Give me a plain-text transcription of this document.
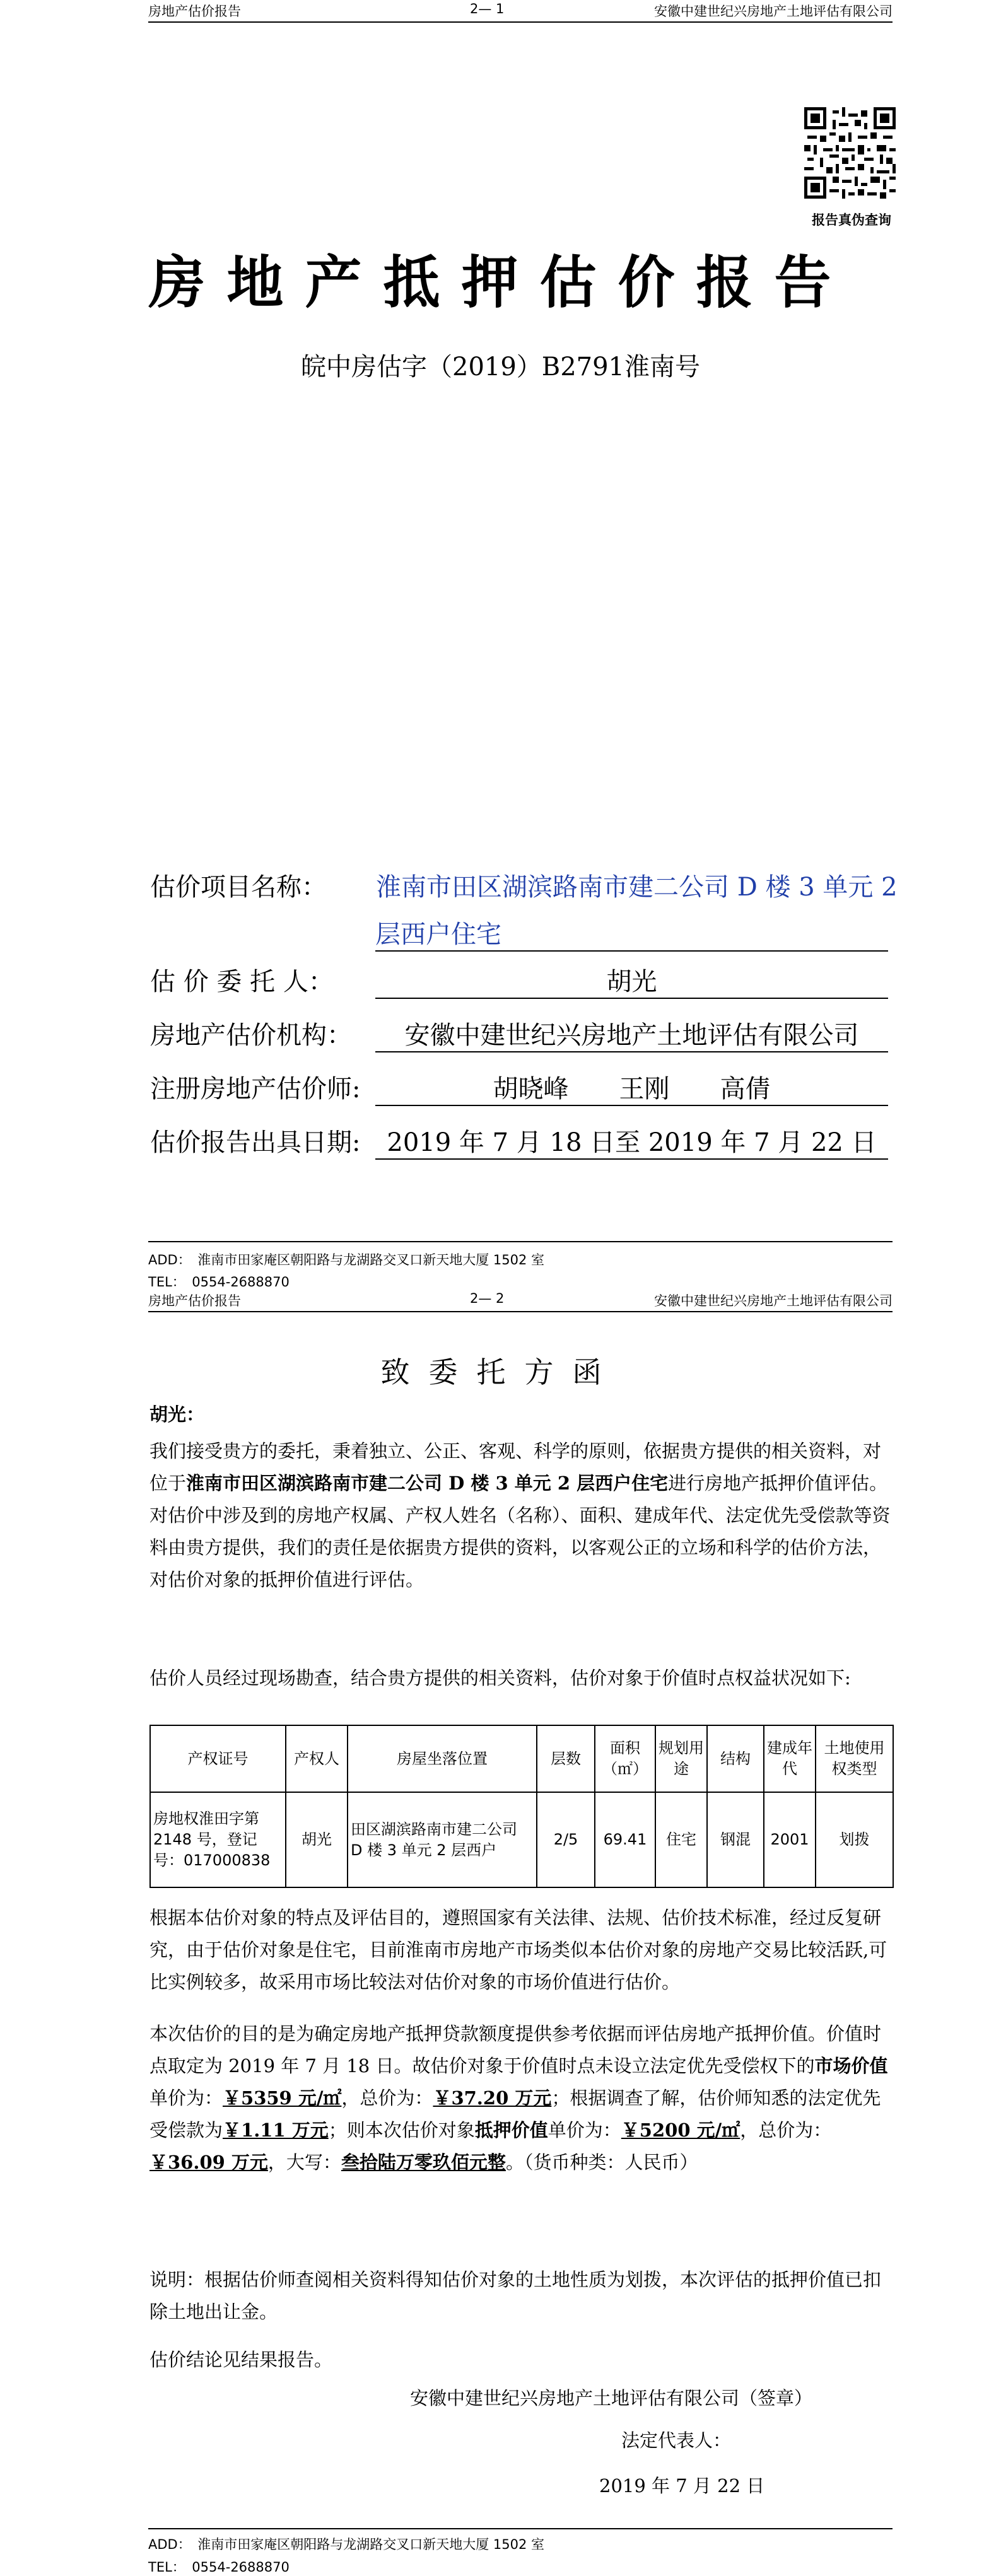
房地产估价报告	2— 1	安徽中建世纪兴房地产土地评估有限公司
报告真伪查询
房地产抵押估价报告
皖中房估字（2019）B2791淮南号
估价项目名称： 淮南市田区湖滨路南市建二公司 D 楼 3 单元 2
层西户住宅
估 价 委 托 人：	胡光
房地产估价机构：	安徽中建世纪兴房地产土地评估有限公司
注册房地产估价师:	胡晓峰　　王刚　　高倩
估价报告出具日期:	2019 年 7 月 18 日至 2019 年 7 月 22 日
ADD：　淮南市田家庵区朝阳路与龙湖路交叉口新天地大厦 1502 室
TEL：　0554-2688870
房地产估价报告	2— 2	安徽中建世纪兴房地产土地评估有限公司
致委托方函
胡光：
我们接受贵方的委托，秉着独立、公正、客观、科学的原则，依据贵方提供的相关资料，对位于淮南市田区湖滨路南市建二公司 D 楼 3 单元 2 层西户住宅进行房地产抵押价值评估。对估价中涉及到的房地产权属、产权人姓名（名称）、面积、建成年代、法定优先受偿款等资料由贵方提供，我们的责任是依据贵方提供的资料，以客观公正的立场和科学的估价方法，对估价对象的抵押价值进行评估。
估价人员经过现场勘查，结合贵方提供的相关资料，估价对象于价值时点权益状况如下:
产权证号	产权人	房屋坐落位置	层数	面积（㎡）	规划用途	结构	建成年代	土地使用权类型
房地权淮田字第 2148 号，登记号：017000838	胡光	田区湖滨路南市建二公司 D 楼 3 单元 2 层西户	2/5	69.41	住宅	钢混	2001	划拨
根据本估价对象的特点及评估目的，遵照国家有关法律、法规、估价技术标准，经过反复研究，由于估价对象是住宅，目前淮南市房地产市场类似本估价对象的房地产交易比较活跃,可比实例较多，故采用市场比较法对估价对象的市场价值进行估价。
本次估价的目的是为确定房地产抵押贷款额度提供参考依据而评估房地产抵押价值。价值时点取定为 2019 年 7 月 18 日。故估价对象于价值时点未设立法定优先受偿权下的市场价值单价为：￥5359 元/㎡，总价为：￥37.20 万元；根据调查了解，估价师知悉的法定优先受偿款为￥1.11 万元；则本次估价对象抵押价值单价为：￥5200 元/㎡，总价为：￥36.09 万元，大写：叁拾陆万零玖佰元整。（货币种类：人民币）
说明：根据估价师查阅相关资料得知估价对象的土地性质为划拨，本次评估的抵押价值已扣除土地出让金。
估价结论见结果报告。
安徽中建世纪兴房地产土地评估有限公司（签章）
法定代表人：
2019 年 7 月 22 日
ADD：　淮南市田家庵区朝阳路与龙湖路交叉口新天地大厦 1502 室
TEL：　0554-2688870
